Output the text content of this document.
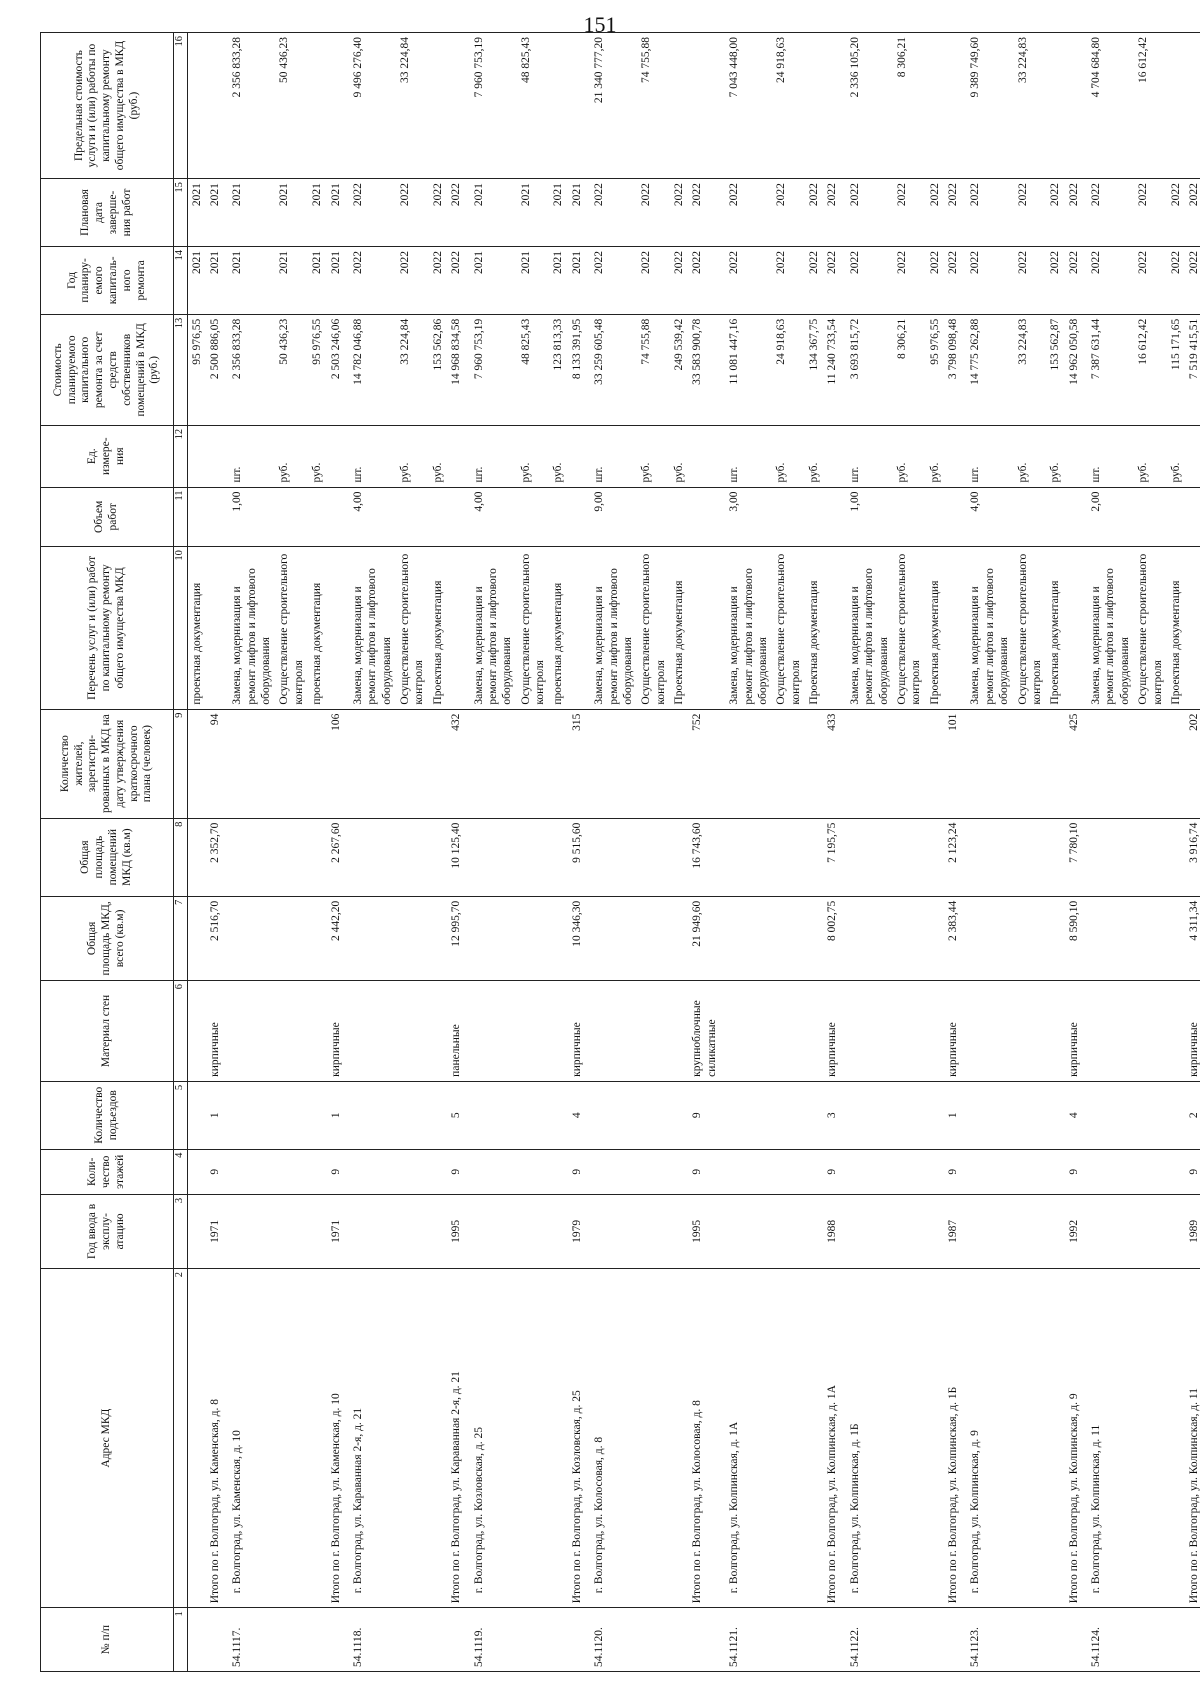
151
№ п/п	Адрес МКД	Год ввода в эксплу-атацию	Коли-чество этажей	Количество подъездов	Материал стен	Общая площадь МКД, всего (кв.м)	Общая площадь помещений МКД (кв.м)	Количество жителей, зарегистри-рованных в МКД на дату утверждения краткосрочного плана (человек)	Перечень услуг и (или) работ по капитальному ремонту общего имущества МКД	Объем работ	Ед. измере-ния	Стоимость планируемого капитального ремонта за счет средств собственников помещений в МКД (руб.)	Год планиру-емого капиталь-ного ремонта	Плановая дата заверше-ния работ	Предельная стоимость услуги и (или) работы по капитальному ремонту общего имущества в МКД (руб.)
1	2	3	4	5	6	7	8	9	10	11	12	13	14	15	16
									проектная документация			95 976,55	2021	2021	
	Итого по г. Волгоград, ул. Каменская, д. 8	1971	9	1	кирпичные	2 516,70	2 352,70	94				2 500 886,05	2021	2021	
54.1117.	г. Волгоград, ул. Каменская, д. 10								Замена, модернизация и ремонт лифтов и лифтового оборудования	1,00	шт.	2 356 833,28	2021	2021	2 356 833,28
									Осуществление строительного контроля		руб.	50 436,23	2021	2021	50 436,23
									проектная документация		руб.	95 976,55	2021	2021	
	Итого по г. Волгоград, ул. Каменская, д. 10	1971	9	1	кирпичные	2 442,20	2 267,60	106				2 503 246,06	2021	2021	
54.1118.	г. Волгоград, ул. Караванная 2-я, д. 21								Замена, модернизация и ремонт лифтов и лифтового оборудования	4,00	шт.	14 782 046,88	2022	2022	9 496 276,40
									Осуществление строительного контроля		руб.	33 224,84	2022	2022	33 224,84
									Проектная документация		руб.	153 562,86	2022	2022	
	Итого по г. Волгоград, ул. Караванная 2-я, д. 21	1995	9	5	панельные	12 995,70	10 125,40	432				14 968 834,58	2022	2022	
54.1119.	г. Волгоград, ул. Козловская, д. 25								Замена, модернизация и ремонт лифтов и лифтового оборудования	4,00	шт.	7 960 753,19	2021	2021	7 960 753,19
									Осуществление строительного контроля		руб.	48 825,43	2021	2021	48 825,43
									проектная документация		руб.	123 813,33	2021	2021	
	Итого по г. Волгоград, ул. Козловская, д. 25	1979	9	4	кирпичные	10 346,30	9 515,60	315				8 133 391,95	2021	2021	
54.1120.	г. Волгоград, ул. Колосовая, д. 8								Замена, модернизация и ремонт лифтов и лифтового оборудования	9,00	шт.	33 259 605,48	2022	2022	21 340 777,20
									Осуществление строительного контроля		руб.	74 755,88	2022	2022	74 755,88
									Проектная документация		руб.	249 539,42	2022	2022	
	Итого по г. Волгоград, ул. Колосовая, д. 8	1995	9	9	крупноблочные силикатные	21 949,60	16 743,60	752				33 583 900,78	2022	2022	
54.1121.	г. Волгоград, ул. Колпинская, д. 1А								Замена, модернизация и ремонт лифтов и лифтового оборудования	3,00	шт.	11 081 447,16	2022	2022	7 043 448,00
									Осуществление строительного контроля		руб.	24 918,63	2022	2022	24 918,63
									Проектная документация		руб.	134 367,75	2022	2022	
	Итого по г. Волгоград, ул. Колпинская, д. 1А	1988	9	3	кирпичные	8 002,75	7 195,75	433				11 240 733,54	2022	2022	
54.1122.	г. Волгоград, ул. Колпинская, д. 1Б								Замена, модернизация и ремонт лифтов и лифтового оборудования	1,00	шт.	3 693 815,72	2022	2022	2 336 105,20
									Осуществление строительного контроля		руб.	8 306,21	2022	2022	8 306,21
									Проектная документация		руб.	95 976,55	2022	2022	
	Итого по г. Волгоград, ул. Колпинская, д. 1Б	1987	9	1	кирпичные	2 383,44	2 123,24	101				3 798 098,48	2022	2022	
54.1123.	г. Волгоград, ул. Колпинская, д. 9								Замена, модернизация и ремонт лифтов и лифтового оборудования	4,00	шт.	14 775 262,88	2022	2022	9 389 749,60
									Осуществление строительного контроля		руб.	33 224,83	2022	2022	33 224,83
									Проектная документация		руб.	153 562,87	2022	2022	
	Итого по г. Волгоград, ул. Колпинская, д. 9	1992	9	4	кирпичные	8 590,10	7 780,10	425				14 962 050,58	2022	2022	
54.1124.	г. Волгоград, ул. Колпинская, д. 11								Замена, модернизация и ремонт лифтов и лифтового оборудования	2,00	шт.	7 387 631,44	2022	2022	4 704 684,80
									Осуществление строительного контроля		руб.	16 612,42	2022	2022	16 612,42
									Проектная документация		руб.	115 171,65	2022	2022	
	Итого по г. Волгоград, ул. Колпинская, д. 11	1989	9	2	кирпичные	4 311,34	3 916,74	202				7 519 415,51	2022	2022	
